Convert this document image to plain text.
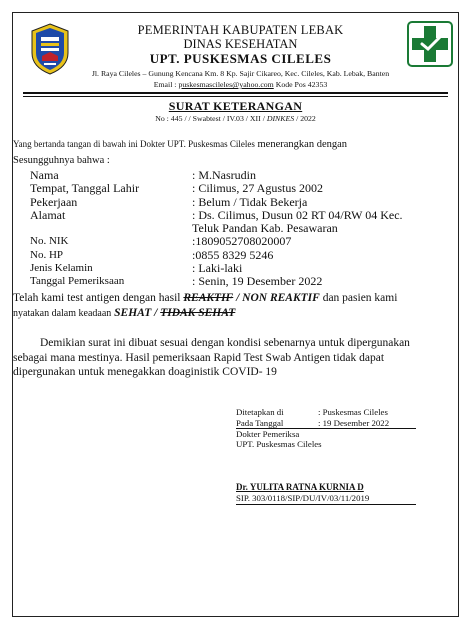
PEMERINTAH KABUPATEN LEBAK
DINAS KESEHATAN
UPT. PUSKESMAS CILELES
Jl. Raya Cileles – Gunung Kencana Km. 8 Kp. Sajir Cikareo, Kec. Cileles, Kab. Lebak, Banten
Email : puskesmascileles@yahoo.com Kode Pos 42353
SURAT KETERANGAN
No : 445 / / Swabtest / IV.03 / XII / DINKES / 2022
Yang bertanda tangan di bawah ini Dokter UPT. Puskesmas Cileles menerangkan dengan
Sesungguhnya bahwa :
Nama	: M.Nasrudin
Tempat, Tanggal Lahir	: Cilimus, 27 Agustus 2002
Pekerjaan	: Belum / Tidak Bekerja
Alamat	: Ds. Cilimus, Dusun 02 RT 04/RW 04 Kec. Teluk Pandan Kab. Pesawaran
No. NIK	:1809052708020007
No. HP	:0855 8329 5246
Jenis Kelamin	: Laki-laki
Tanggal Pemeriksaan	: Senin, 19 Desember 2022
Telah kami test antigen dengan hasil REAKTIF / NON REAKTIF dan pasien kami
nyatakan dalam keadaan SEHAT / TIDAK SEHAT
Demikian surat ini dibuat sesuai dengan kondisi sebenarnya untuk dipergunakan sebagai mana mestinya. Hasil pemeriksaan Rapid Test Swab Antigen tidak dapat dipergunakan untuk menegakkan doaginistik COVID- 19
Ditetapkan di	: Puskesmas Cileles
Pada Tanggal	: 19 Desember 2022
Dokter Pemeriksa
UPT. Puskesmas Cileles
Dr. YULITA RATNA KURNIA D
SIP. 303/0118/SIP/DU/IV/03/11/2019
